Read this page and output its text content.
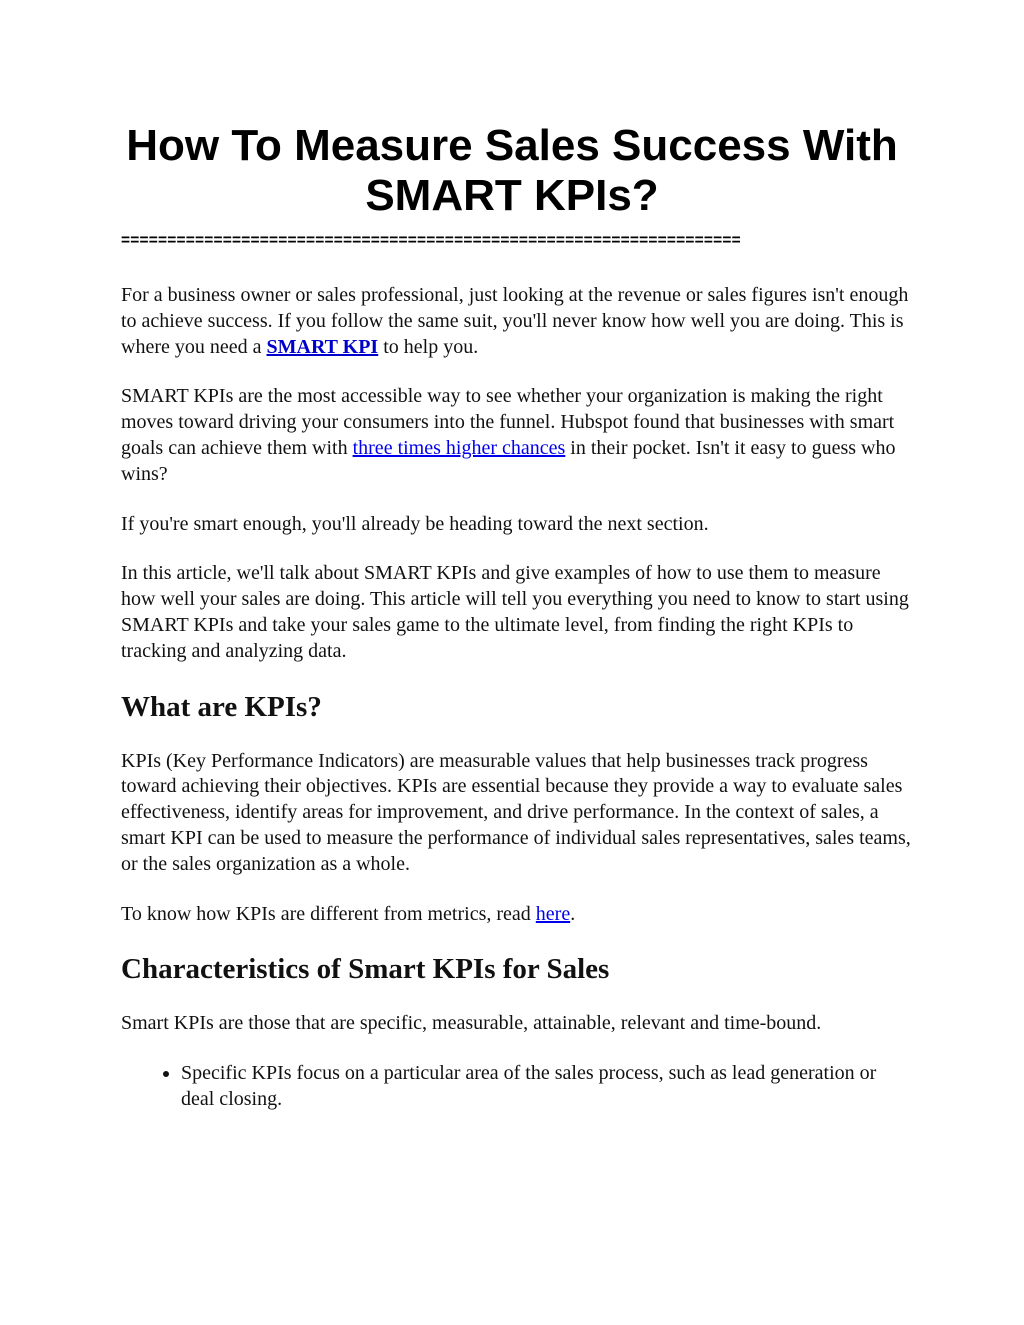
How To Measure Sales Success With SMART KPIs?
===================================================================

For a business owner or sales professional, just looking at the revenue or sales figures isn't enough to achieve success. If you follow the same suit, you'll never know how well you are doing. This is where you need a SMART KPI to help you.

SMART KPIs are the most accessible way to see whether your organization is making the right moves toward driving your consumers into the funnel. Hubspot found that businesses with smart goals can achieve them with three times higher chances in their pocket. Isn't it easy to guess who wins?

If you're smart enough, you'll already be heading toward the next section.

In this article, we'll talk about SMART KPIs and give examples of how to use them to measure how well your sales are doing. This article will tell you everything you need to know to start using SMART KPIs and take your sales game to the ultimate level, from finding the right KPIs to tracking and analyzing data.

What are KPIs?

KPIs (Key Performance Indicators) are measurable values that help businesses track progress toward achieving their objectives. KPIs are essential because they provide a way to evaluate sales effectiveness, identify areas for improvement, and drive performance. In the context of sales, a smart KPI can be used to measure the performance of individual sales representatives, sales teams, or the sales organization as a whole.

To know how KPIs are different from metrics, read here.

Characteristics of Smart KPIs for Sales

Smart KPIs are those that are specific, measurable, attainable, relevant and time-bound.

• Specific KPIs focus on a particular area of the sales process, such as lead generation or deal closing.
